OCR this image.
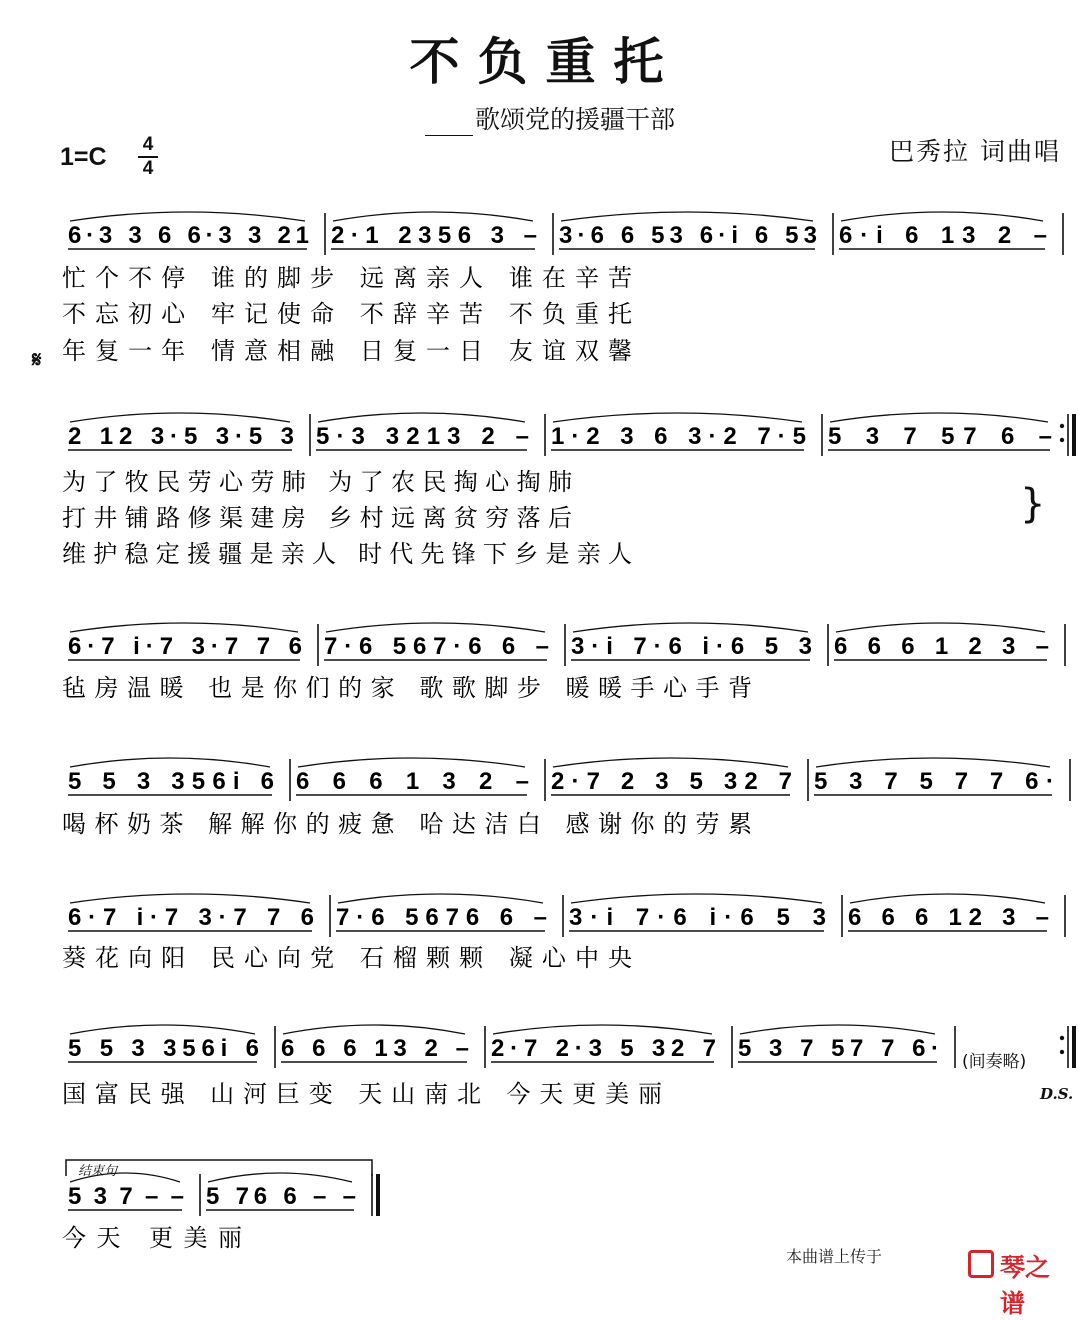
不负重托
歌颂党的援疆干部
巴秀拉 词曲唱
1=C 4
4
6·3 3 6 6·3 3 21 2·1 2356 3 – 3·6 6 53 6·i 6 53 6·i 6 13 2 –
忙个不停 谁的脚步 远离亲人 谁在辛苦
不忘初心 牢记使命 不辞辛苦 不负重托
年复一年 情意相融 日复一日 友谊双馨
2 12 3·5 3·5 3 5·3 3213 2 – 1·2 3 6 3·2 7·5 5 3 7 57 6 –
为了牧民劳心劳肺 为了农民掏心掏肺
打井铺路修渠建房 乡村远离贫穷落后
维护稳定援疆是亲人 时代先锋下乡是亲人
6·7 i·7 3·7 7 6 7·6 567·6 6 – 3·i 7·6 i·6 5 3 6 6 6 1 2 3 –
毡房温暖 也是你们的家 歌歌脚步 暖暖手心手背
5 5 3 356i 6 6 6 6 1 3 2 – 2·7 2 3 5 32 7 5 3 7 5 7 7 6·
喝杯奶茶 解解你的疲惫 哈达洁白 感谢你的劳累
6·7 i·7 3·7 7 6 7·6 5676 6 – 3·i 7·6 i·6 5 3 6 6 6 12 3 –
葵花向阳 民心向党 石榴颗颗 凝心中央
5 5 3 356i 6 6 6 6 13 2 – 2·7 2·3 5 32 7 5 3 7 57 7 6·
国富民强 山河巨变 天山南北 今天更美丽
5 3 7 – – 5 76 6 – –
今天 更美丽
𝄋
}
(间奏略)
D.S.
结束句
本曲谱上传于	琴之谱
